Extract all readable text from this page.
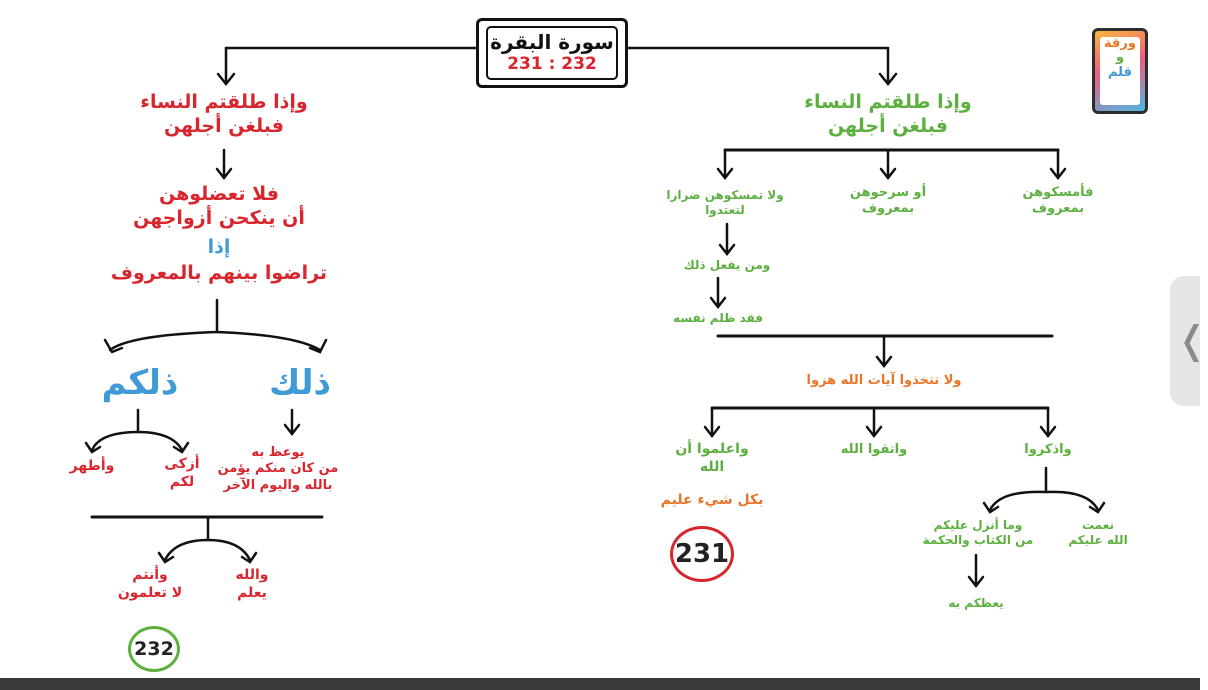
سورة البقرة
231 : 232
ورقة
و
قلم
وإذا طلقتم النساء
فبلغن أجلهن
فأمسكوهن
بمعروف
أو سرحوهن
بمعروف
ولا تمسكوهن ضرارا
لتعتدوا
ومن يفعل ذلك
فقد ظلم نفسه
ولا تتخذوا آيات الله هزوا
واذكروا
واتقوا الله
واعلموا أن
الله
بكل شيء عليم
نعمت
الله عليكم
وما أنزل عليكم
من الكتاب والحكمة
يعظكم به
231
وإذا طلقتم النساء
فبلغن أجلهن
فلا تعضلوهن
أن ينكحن أزواجهن
إذا
تراضوا بينهم بالمعروف
ذلك
ذلكم
يوعظ به
من كان منكم يؤمن
بالله واليوم الآخر
أزكى
لكم
وأطهر
والله
يعلم
وأنتم
لا تعلمون
232
❬
